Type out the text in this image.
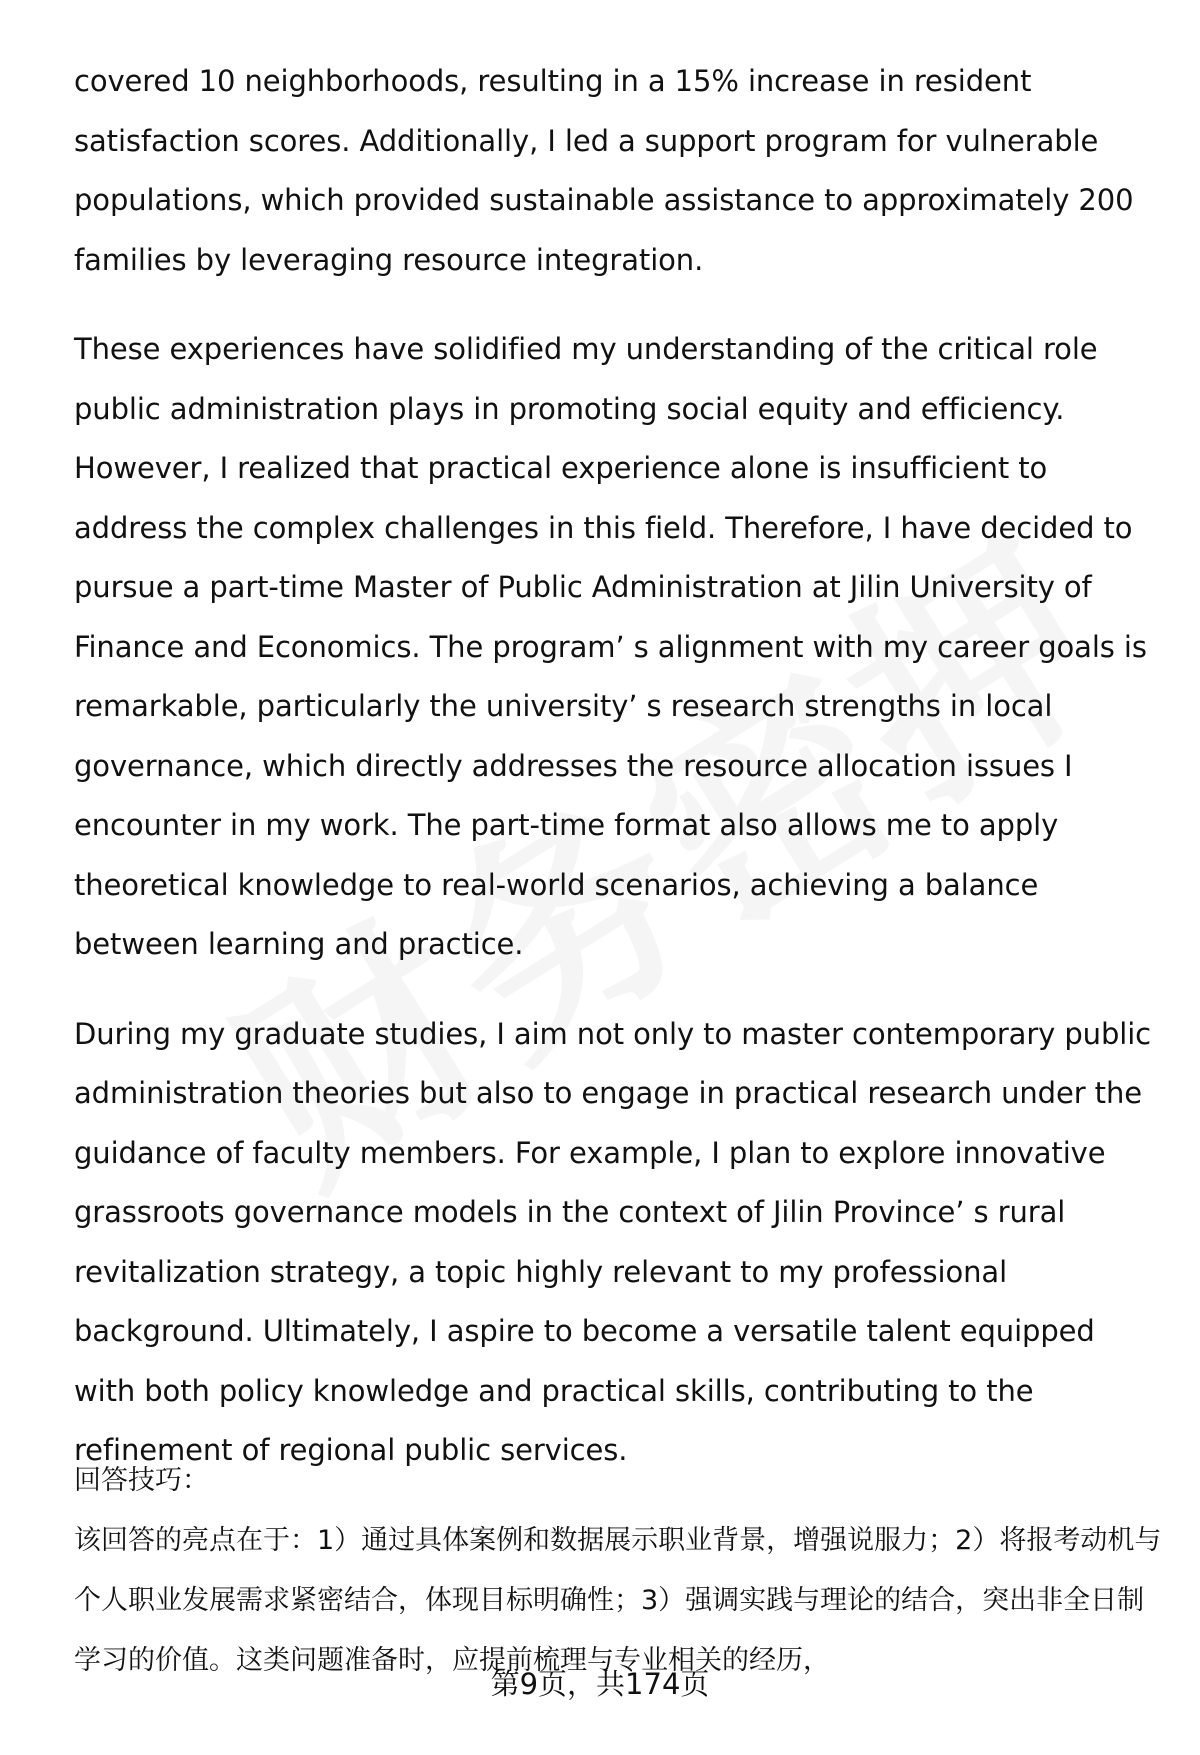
covered 10 neighborhoods, resulting in a 15% increase in resident satisfaction scores. Additionally, I led a support program for vulnerable populations, which provided sustainable assistance to approximately 200 families by leveraging resource integration.

These experiences have solidified my understanding of the critical role public administration plays in promoting social equity and efficiency. However, I realized that practical experience alone is insufficient to address the complex challenges in this field. Therefore, I have decided to pursue a part-time Master of Public Administration at Jilin University of Finance and Economics. The program’ s alignment with my career goals is remarkable, particularly the university’ s research strengths in local governance, which directly addresses the resource allocation issues I encounter in my work. The part-time format also allows me to apply theoretical knowledge to real-world scenarios, achieving a balance between learning and practice.

During my graduate studies, I aim not only to master contemporary public administration theories but also to engage in practical research under the guidance of faculty members. For example, I plan to explore innovative grassroots governance models in the context of Jilin Province’ s rural revitalization strategy, a topic highly relevant to my professional background. Ultimately, I aspire to become a versatile talent equipped with both policy knowledge and practical skills, contributing to the refinement of regional public services.

回答技巧：

该回答的亮点在于：1）通过具体案例和数据展示职业背景，增强说服力；2）将报考动机与个人职业发展需求紧密结合，体现目标明确性；3）强调实践与理论的结合，突出非全日制学习的价值。这类问题准备时，应提前梳理与专业相关的经历，

第9页，共174页
